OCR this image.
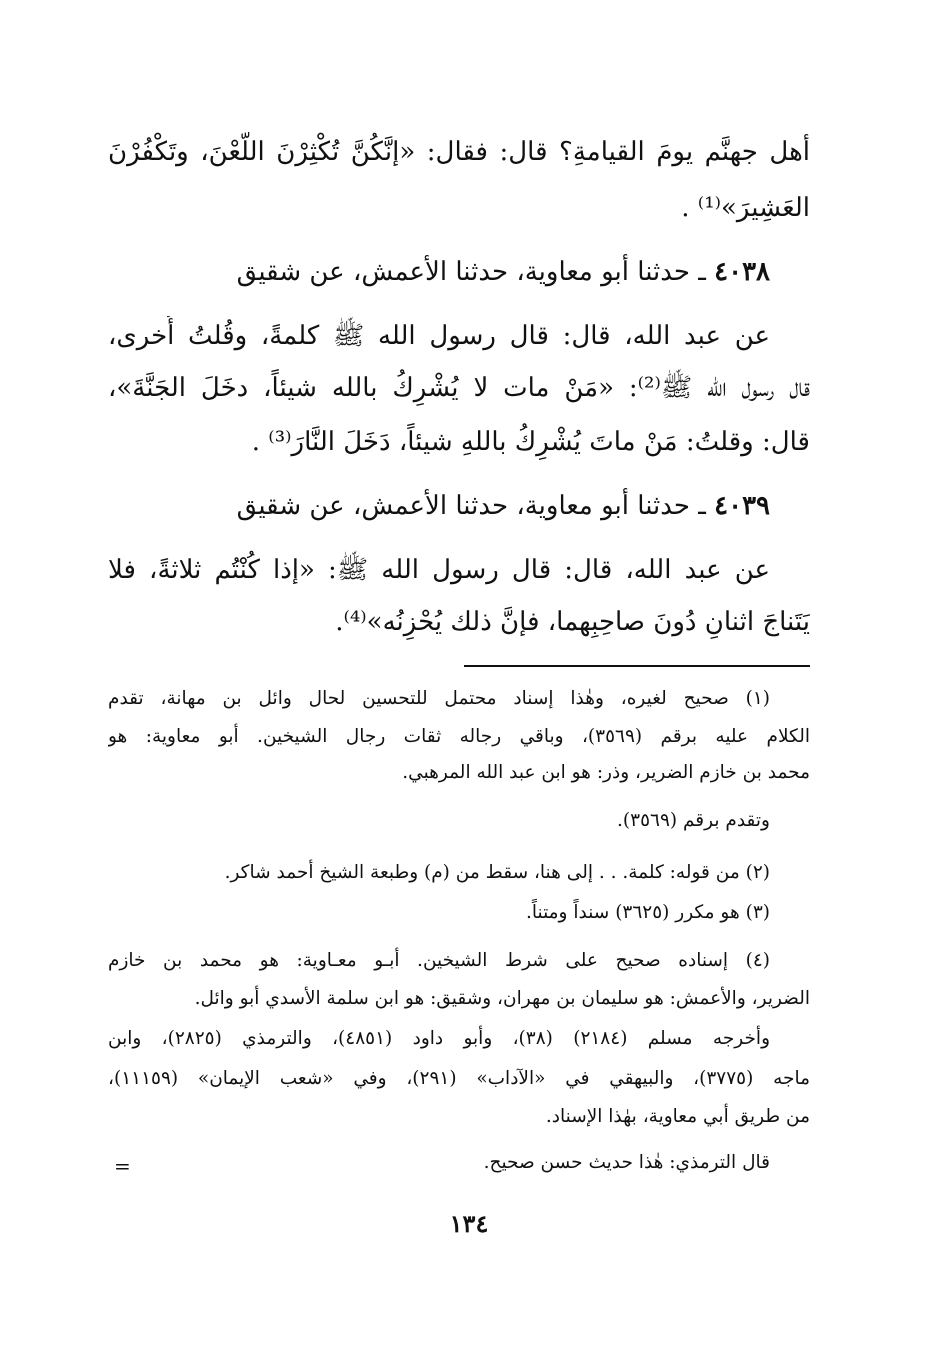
أهل جهنَّم يومَ القيامةِ؟ قال: فقال: «إنَّكُنَّ تُكْثِرْنَ اللَّعْنَ، وتَكْفُرْنَ
العَشِيرَ»⁽¹⁾ .
٤٠٣٨ ـ حدثنا أبو معاوية، حدثنا الأعمش، عن شقيق
عن عبد الله، قال: قال رسول الله ﷺ كلمةً، وقُلتُ أُخرى،
قال رسول الله ﷺ⁽²⁾: «مَنْ مات لا يُشْرِكُ بالله شيئاً، دخَلَ الجَنَّةَ»،
قال: وقلتُ: مَنْ ماتَ يُشْرِكُ باللهِ شيئاً، دَخَلَ النَّارَ⁽³⁾ .
٤٠٣٩ ـ حدثنا أبو معاوية، حدثنا الأعمش، عن شقيق
عن عبد الله، قال: قال رسول الله ﷺ: «إذا كُنْتُم ثلاثةً، فلا
يَتَناجَ اثنانِ دُونَ صاحِبِهما، فإنَّ ذلك يُحْزِنُه»⁽⁴⁾.
(١) صحيح لغيره، وهٰذا إسناد محتمل للتحسين لحال وائل بن مهانة، تقدم
الكلام عليه برقم (٣٥٦٩)، وباقي رجاله ثقات رجال الشيخين. أبو معاوية: هو
محمد بن خازم الضرير، وذر: هو ابن عبد الله المرهبي.
وتقدم برقم (٣٥٦٩).
(٢) من قوله: كلمة. . . إلى هنا، سقط من (م) وطبعة الشيخ أحمد شاكر.
(٣) هو مكرر (٣٦٢٥) سنداً ومتناً.
(٤) إسناده صحيح على شرط الشيخين. أبـو معـاوية: هو محمد بن خازم
الضرير، والأعمش: هو سليمان بن مهران، وشقيق: هو ابن سلمة الأسدي أبو وائل.
وأخرجه مسلم (٢١٨٤) (٣٨)، وأبو داود (٤٨٥١)، والترمذي (٢٨٢٥)، وابن
ماجه (٣٧٧٥)، والبيهقي في «الآداب» (٢٩١)، وفي «شعب الإيمان» (١١١٥٩)،
من طريق أبي معاوية، بهٰذا الإسناد.
قال الترمذي: هٰذا حديث حسن صحيح.
=
١٣٤
